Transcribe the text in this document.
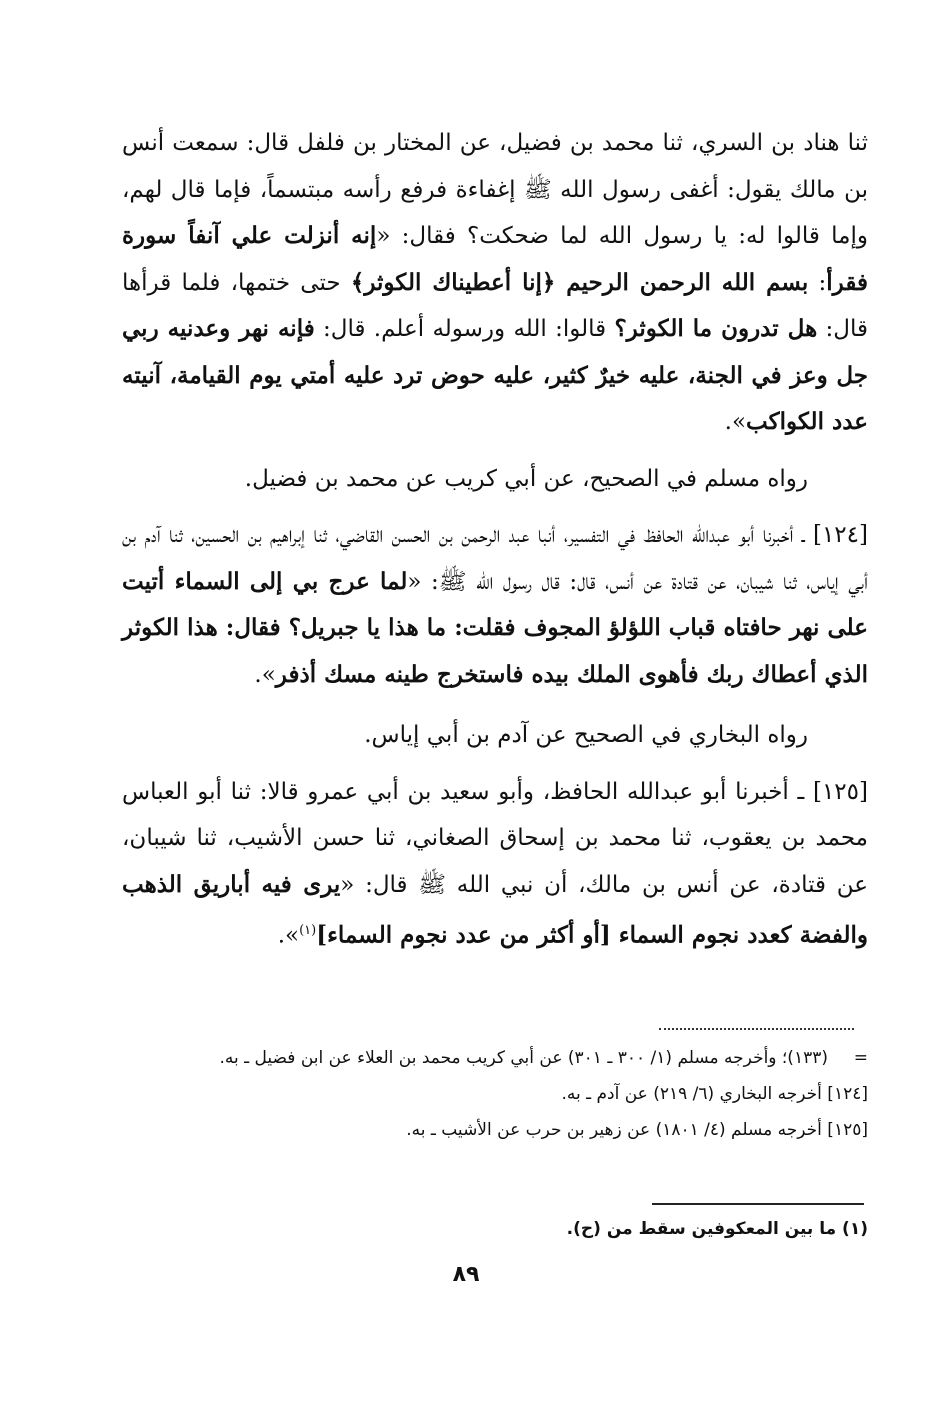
ثنا هناد بن السري، ثنا محمد بن فضيل، عن المختار بن فلفل قال: سمعت أنس بن مالك يقول: أغفى رسول الله ﷺ إغفاءة فرفع رأسه مبتسماً، فإما قال لهم، وإما قالوا له: يا رسول الله لما ضحكت؟ فقال: «إنه أنزلت علي آنفاً سورة فقرأ: بسم الله الرحمن الرحيم ﴿إنا أعطيناك الكوثر﴾ حتى ختمها، فلما قرأها قال: هل تدرون ما الكوثر؟ قالوا: الله ورسوله أعلم. قال: فإنه نهر وعدنيه ربي جل وعز في الجنة، عليه خيرٌ كثير، عليه حوض ترد عليه أمتي يوم القيامة، آنيته عدد الكواكب».

رواه مسلم في الصحيح، عن أبي كريب عن محمد بن فضيل.

[١٢٤] ـ أخبرنا أبو عبدالله الحافظ في التفسير، أنبا عبد الرحمن بن الحسن القاضي، ثنا إبراهيم بن الحسين، ثنا آدم بن أبي إياس، ثنا شيبان، عن قتادة عن أنس، قال: قال رسول الله ﷺ: «لما عرج بي إلى السماء أتيت على نهر حافتاه قباب اللؤلؤ المجوف فقلت: ما هذا يا جبريل؟ فقال: هذا الكوثر الذي أعطاك ربك فأهوى الملك بيده فاستخرج طينه مسك أذفر».

رواه البخاري في الصحيح عن آدم بن أبي إياس.

[١٢٥] ـ أخبرنا أبو عبدالله الحافظ، وأبو سعيد بن أبي عمرو قالا: ثنا أبو العباس محمد بن يعقوب، ثنا محمد بن إسحاق الصغاني، ثنا حسن الأشيب، ثنا شيبان، عن قتادة، عن أنس بن مالك، أن نبي الله ﷺ قال: «يرى فيه أباريق الذهب والفضة كعدد نجوم السماء [أو أكثر من عدد نجوم السماء]$^{(١)}$».

=(١٣٣)؛ وأخرجه مسلم (١/ ٣٠٠ ـ ٣٠١) عن أبي كريب محمد بن العلاء عن ابن فضيل ـ به.

[١٢٤] أخرجه البخاري (٦/ ٢١٩) عن آدم ـ به.

[١٢٥] أخرجه مسلم (٤/ ١٨٠١) عن زهير بن حرب عن الأشيب ـ به.

(١) ما بين المعكوفين سقط من (ح).

٨٩
